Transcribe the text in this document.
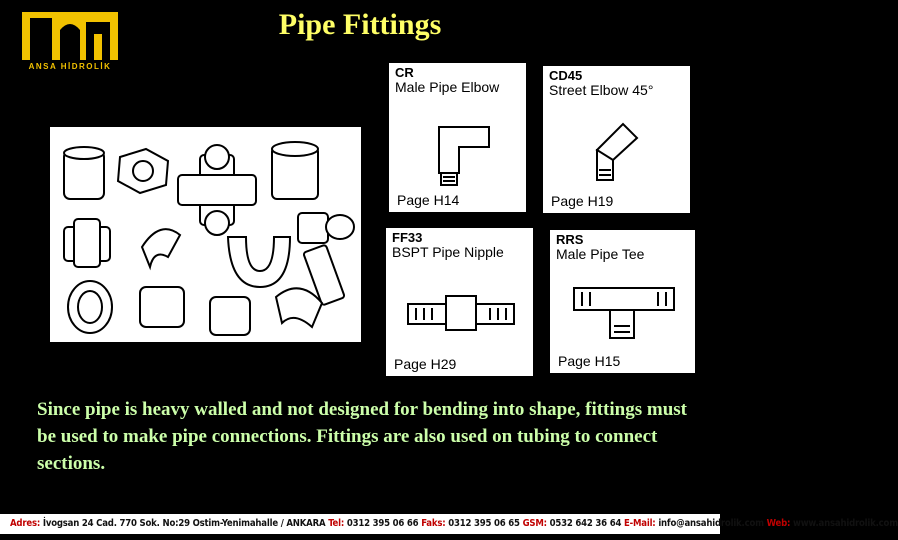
ANSA HİDROLİK
Pipe Fittings
CR
Male Pipe Elbow
Page H14
CD45
Street Elbow 45°
Page H19
FF33
BSPT Pipe Nipple
Page H29
RRS
Male Pipe Tee
Page H15
Since pipe is heavy walled and not designed for bending into shape, fittings must be used to make pipe connections. Fittings are also used on tubing to connect sections.
Adres: İvogsan 24 Cad. 770 Sok. No:29 Ostim-Yenimahalle / ANKARA Tel: 0312 395 06 66 Faks: 0312 395 06 65 GSM: 0532 642 36 64 E-Mail: info@ansahidrolik.com Web: www.ansahidrolik.com
